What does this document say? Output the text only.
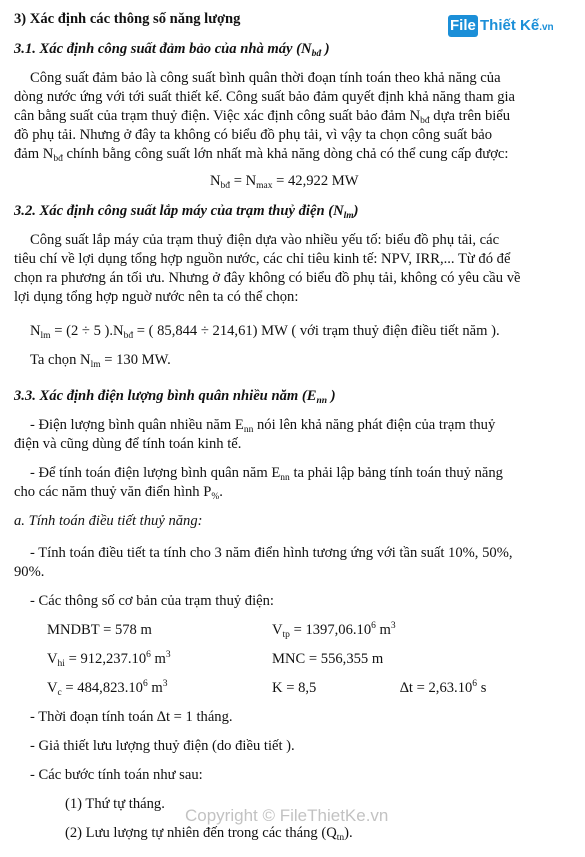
File Thiết Kế.vn
3) Xác định các thông số năng lượng
3.1. Xác định công suất đảm bảo của nhà máy ($N_{bđ}$ )
Công suất đảm bảo là công suất bình quân thời đoạn tính toán theo khả năng của
dòng nước ứng với tới suất thiết kế. Công suất bảo đảm quyết định khả năng tham gia
cân bằng suất của trạm thuỷ điện. Việc xác định công suất bảo đảm $N_{bđ}$ dựa trên biểu
đồ phụ tải. Nhưng ở đây ta không có biểu đồ phụ tải, vì vậy ta chọn công suất bảo
đảm $N_{bđ}$ chính bằng công suất lớn nhất mà khả năng dòng chả có thể cung cấp được:
$N_{bđ} = N_{max} = 42,922$ MW
3.2. Xác định công suất lắp máy của trạm thuỷ điện $(N_{lm})$
Công suất lắp máy của trạm thuỷ điện dựa vào nhiều yếu tố: biểu đồ phụ tải, các
tiêu chí về lợi dụng tổng hợp nguồn nước, các chỉ tiêu kinh tế: NPV, IRR,... Từ đó để
chọn ra phương án tối ưu. Nhưng ở đây không có biểu đồ phụ tải, không có yêu cầu về
lợi dụng tổng hợp nguờ nước nên ta có thể chọn:
$N_{lm} = (2 \div 5$ )$.N_{bđ}$ = ( 85,844 ÷ 214,61) MW ( với trạm thuỷ điện điều tiết năm ).
Ta chọn $N_{lm} = 130$ MW.
3.3. Xác định điện lượng bình quân nhiều năm ($E_{nn}$ )
- Điện lượng bình quân nhiều năm $E_{nn}$ nói lên khả năng phát điện của trạm thuỷ
điện và cũng dùng để tính toán kinh tế.
- Để tính toán điện lượng bình quân năm $E_{nn}$ ta phải lập bảng tính toán thuỷ năng
cho các năm thuỷ văn điển hình $P_{\%}$.
a. Tính toán điều tiết thuỷ năng:
- Tính toán điều tiết ta tính cho 3 năm điển hình tương ứng với tần suất 10%, 50%,
90%.
- Các thông số cơ bản của trạm thuỷ điện:
MNDBT = 578 m	$V_{tp} = 1397,06.10^6$ $m^3$
$V_{hi} = 912,237.10^6$ $m^3$	MNC = 556,355 m
$V_c = 484,823.10^6$ $m^3$	K = 8,5	$\Delta t = 2,63.10^6$ s
- Thời đoạn tính toán ∆t = 1 tháng.
- Giả thiết lưu lượng thuỷ điện (do điều tiết ).
- Các bước tính toán như sau:
(1) Thứ tự tháng.
(2) Lưu lượng tự nhiên đến trong các tháng $(Q_{tn})$.
Copyright © FileThietKe.vn
